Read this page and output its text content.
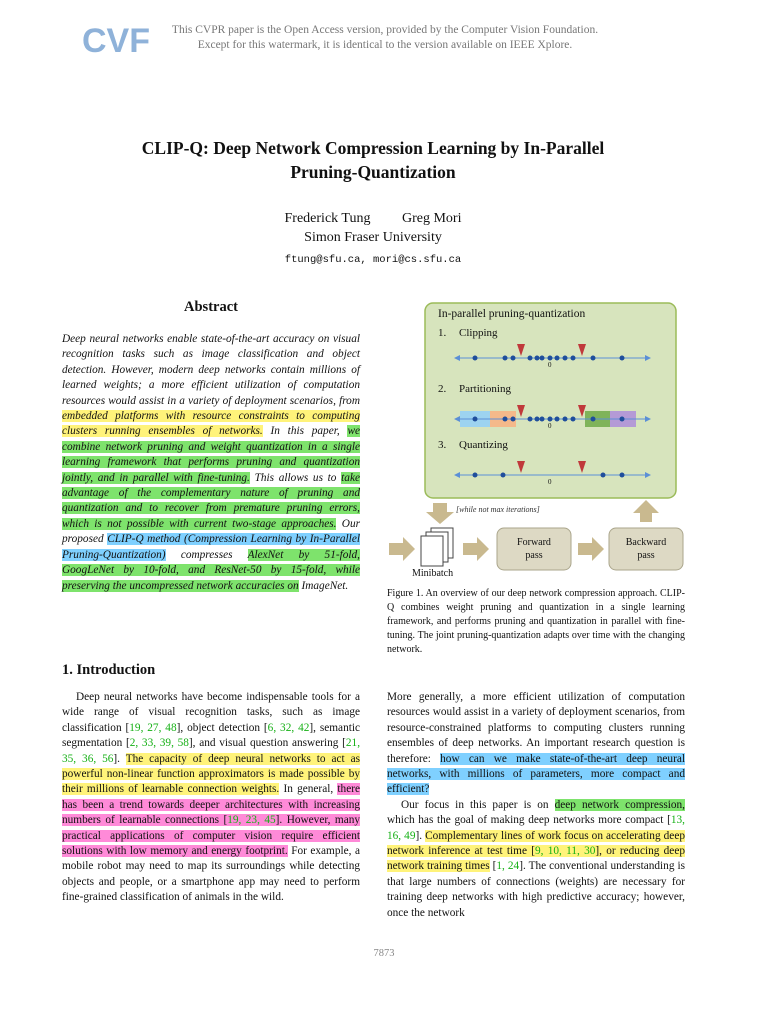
CVF	This CVPR paper is the Open Access version, provided by the Computer Vision Foundation.
Except for this watermark, it is identical to the version available on IEEE Xplore.
CLIP-Q: Deep Network Compression Learning by In-Parallel
Pruning-Quantization
Frederick Tung Greg Mori
Simon Fraser University
ftung@sfu.ca, mori@cs.sfu.ca
Abstract
Deep neural networks enable state-of-the-art accuracy on visual recognition tasks such as image classification and object detection. However, modern deep networks contain millions of learned weights; a more efficient utilization of computation resources would assist in a variety of deployment scenarios, from embedded platforms with resource constraints to computing clusters running ensembles of networks. In this paper, we combine network pruning and weight quantization in a single learning framework that performs pruning and quantization jointly, and in parallel with fine-tuning. This allows us to take advantage of the complementary nature of pruning and quantization and to recover from premature pruning errors, which is not possible with current two-stage approaches. Our proposed CLIP-Q method (Compression Learning by In-Parallel Pruning-Quantization) compresses AlexNet by 51-fold, GoogLeNet by 10-fold, and ResNet-50 by 15-fold, while preserving the uncompressed network accuracies on ImageNet.
In-parallel pruning-quantization
1. Clipping
2. Partitioning
3. Quantizing
0
0
0
[while not max iterations]
Minibatch
Forward
pass
Backward
pass
Figure 1. An overview of our deep network compression approach. CLIP-Q combines weight pruning and quantization in a single learning framework, and performs pruning and quantization in parallel with fine-tuning. The joint pruning-quantization adapts over time with the changing network.
1. Introduction
Deep neural networks have become indispensable tools for a wide range of visual recognition tasks, such as image classification [19, 27, 48], object detection [6, 32, 42], semantic segmentation [2, 33, 39, 58], and visual question answering [21, 35, 36, 56]. The capacity of deep neural networks to act as powerful non-linear function approximators is made possible by their millions of learnable connection weights. In general, there has been a trend towards deeper architectures with increasing numbers of learnable connections [19, 23, 45]. However, many practical applications of computer vision require efficient solutions with low memory and energy footprint. For example, a mobile robot may need to map its surroundings while detecting objects and people, or a smartphone app may need to perform fine-grained classification of animals in the wild.

More generally, a more efficient utilization of computation resources would assist in a variety of deployment scenarios, from resource-constrained platforms to computing clusters running ensembles of deep networks. An important research question is therefore: how can we make state-of-the-art deep neural networks, with millions of parameters, more compact and efficient?

Our focus in this paper is on deep network compression, which has the goal of making deep networks more compact [13, 16, 49]. Complementary lines of work focus on accelerating deep network inference at test time [9, 10, 11, 30], or reducing deep network training times [1, 24]. The conventional understanding is that large numbers of connections (weights) are necessary for training deep networks with high predictive accuracy; however, once the network

7873
